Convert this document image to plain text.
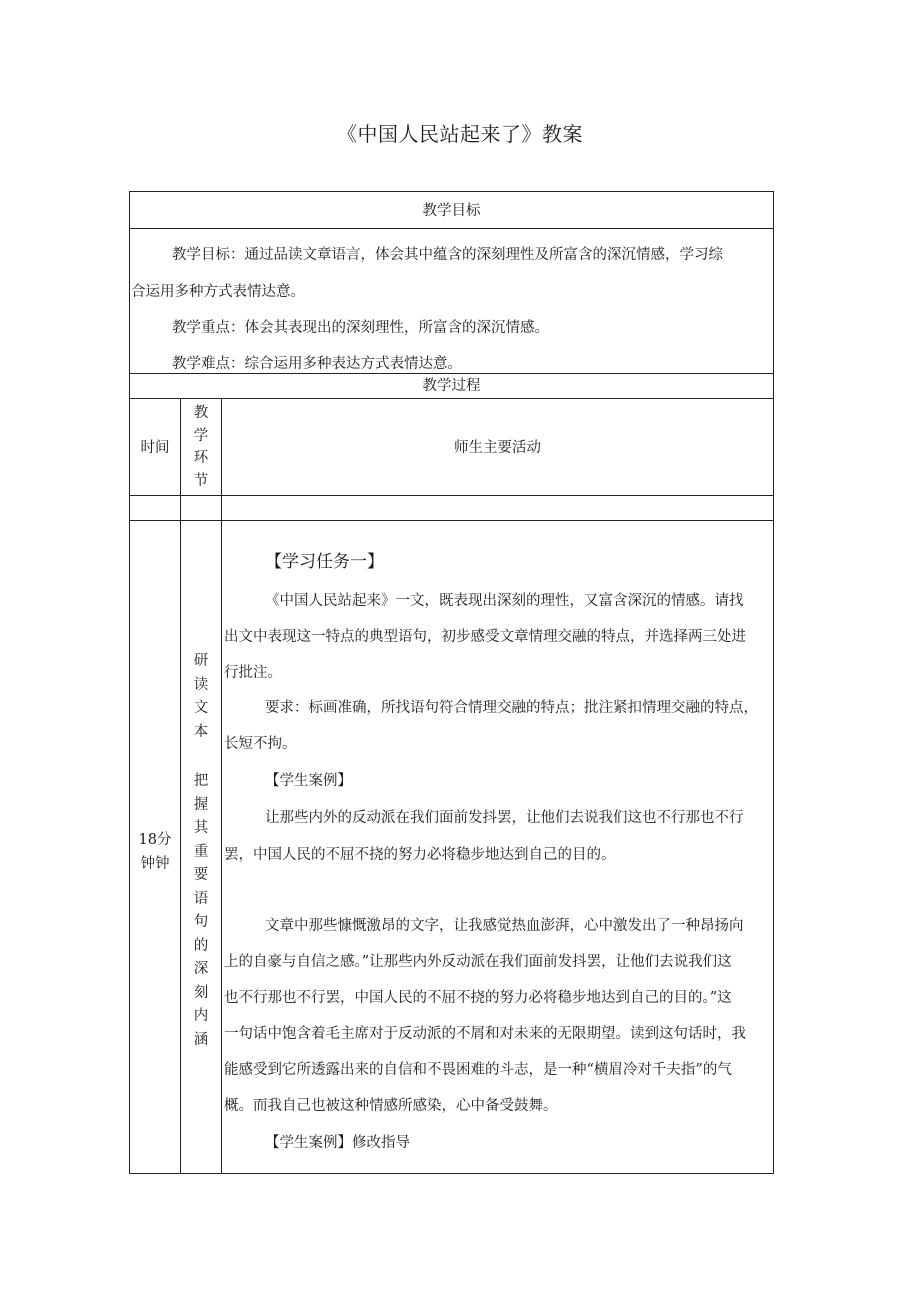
《中国人民站起来了》教案
教学目标
教学目标：通过品读文章语言，体会其中蕴含的深刻理性及所富含的深沉情感，学习综
合运用多种方式表情达意。
教学重点：体会其表现出的深刻理性，所富含的深沉情感。
教学难点：综合运用多种表达方式表情达意。
教学过程
时间
教
学
环
节
师生主要活动
18分
钟钟
研
读
文
本
把
握
其
重
要
语
句
的
深
刻
内
涵
【学习任务一】
《中国人民站起来》一文，既表现出深刻的理性，又富含深沉的情感。请找
出文中表现这一特点的典型语句，初步感受文章情理交融的特点，并选择两三处进
行批注。
要求：标画准确，所找语句符合情理交融的特点；批注紧扣情理交融的特点，
长短不拘。
【学生案例】
让那些内外的反动派在我们面前发抖罢，让他们去说我们这也不行那也不行
罢，中国人民的不屈不挠的努力必将稳步地达到自己的目的。
文章中那些慷慨激昂的文字，让我感觉热血澎湃，心中激发出了一种昂扬向
上的自豪与自信之感。”让那些内外反动派在我们面前发抖罢，让他们去说我们这
也不行那也不行罢，中国人民的不屈不挠的努力必将稳步地达到自己的目的。”这
一句话中饱含着毛主席对于反动派的不屑和对未来的无限期望。读到这句话时，我
能感受到它所透露出来的自信和不畏困难的斗志，是一种“横眉冷对千夫指”的气
概。而我自己也被这种情感所感染，心中备受鼓舞。
【学生案例】修改指导
